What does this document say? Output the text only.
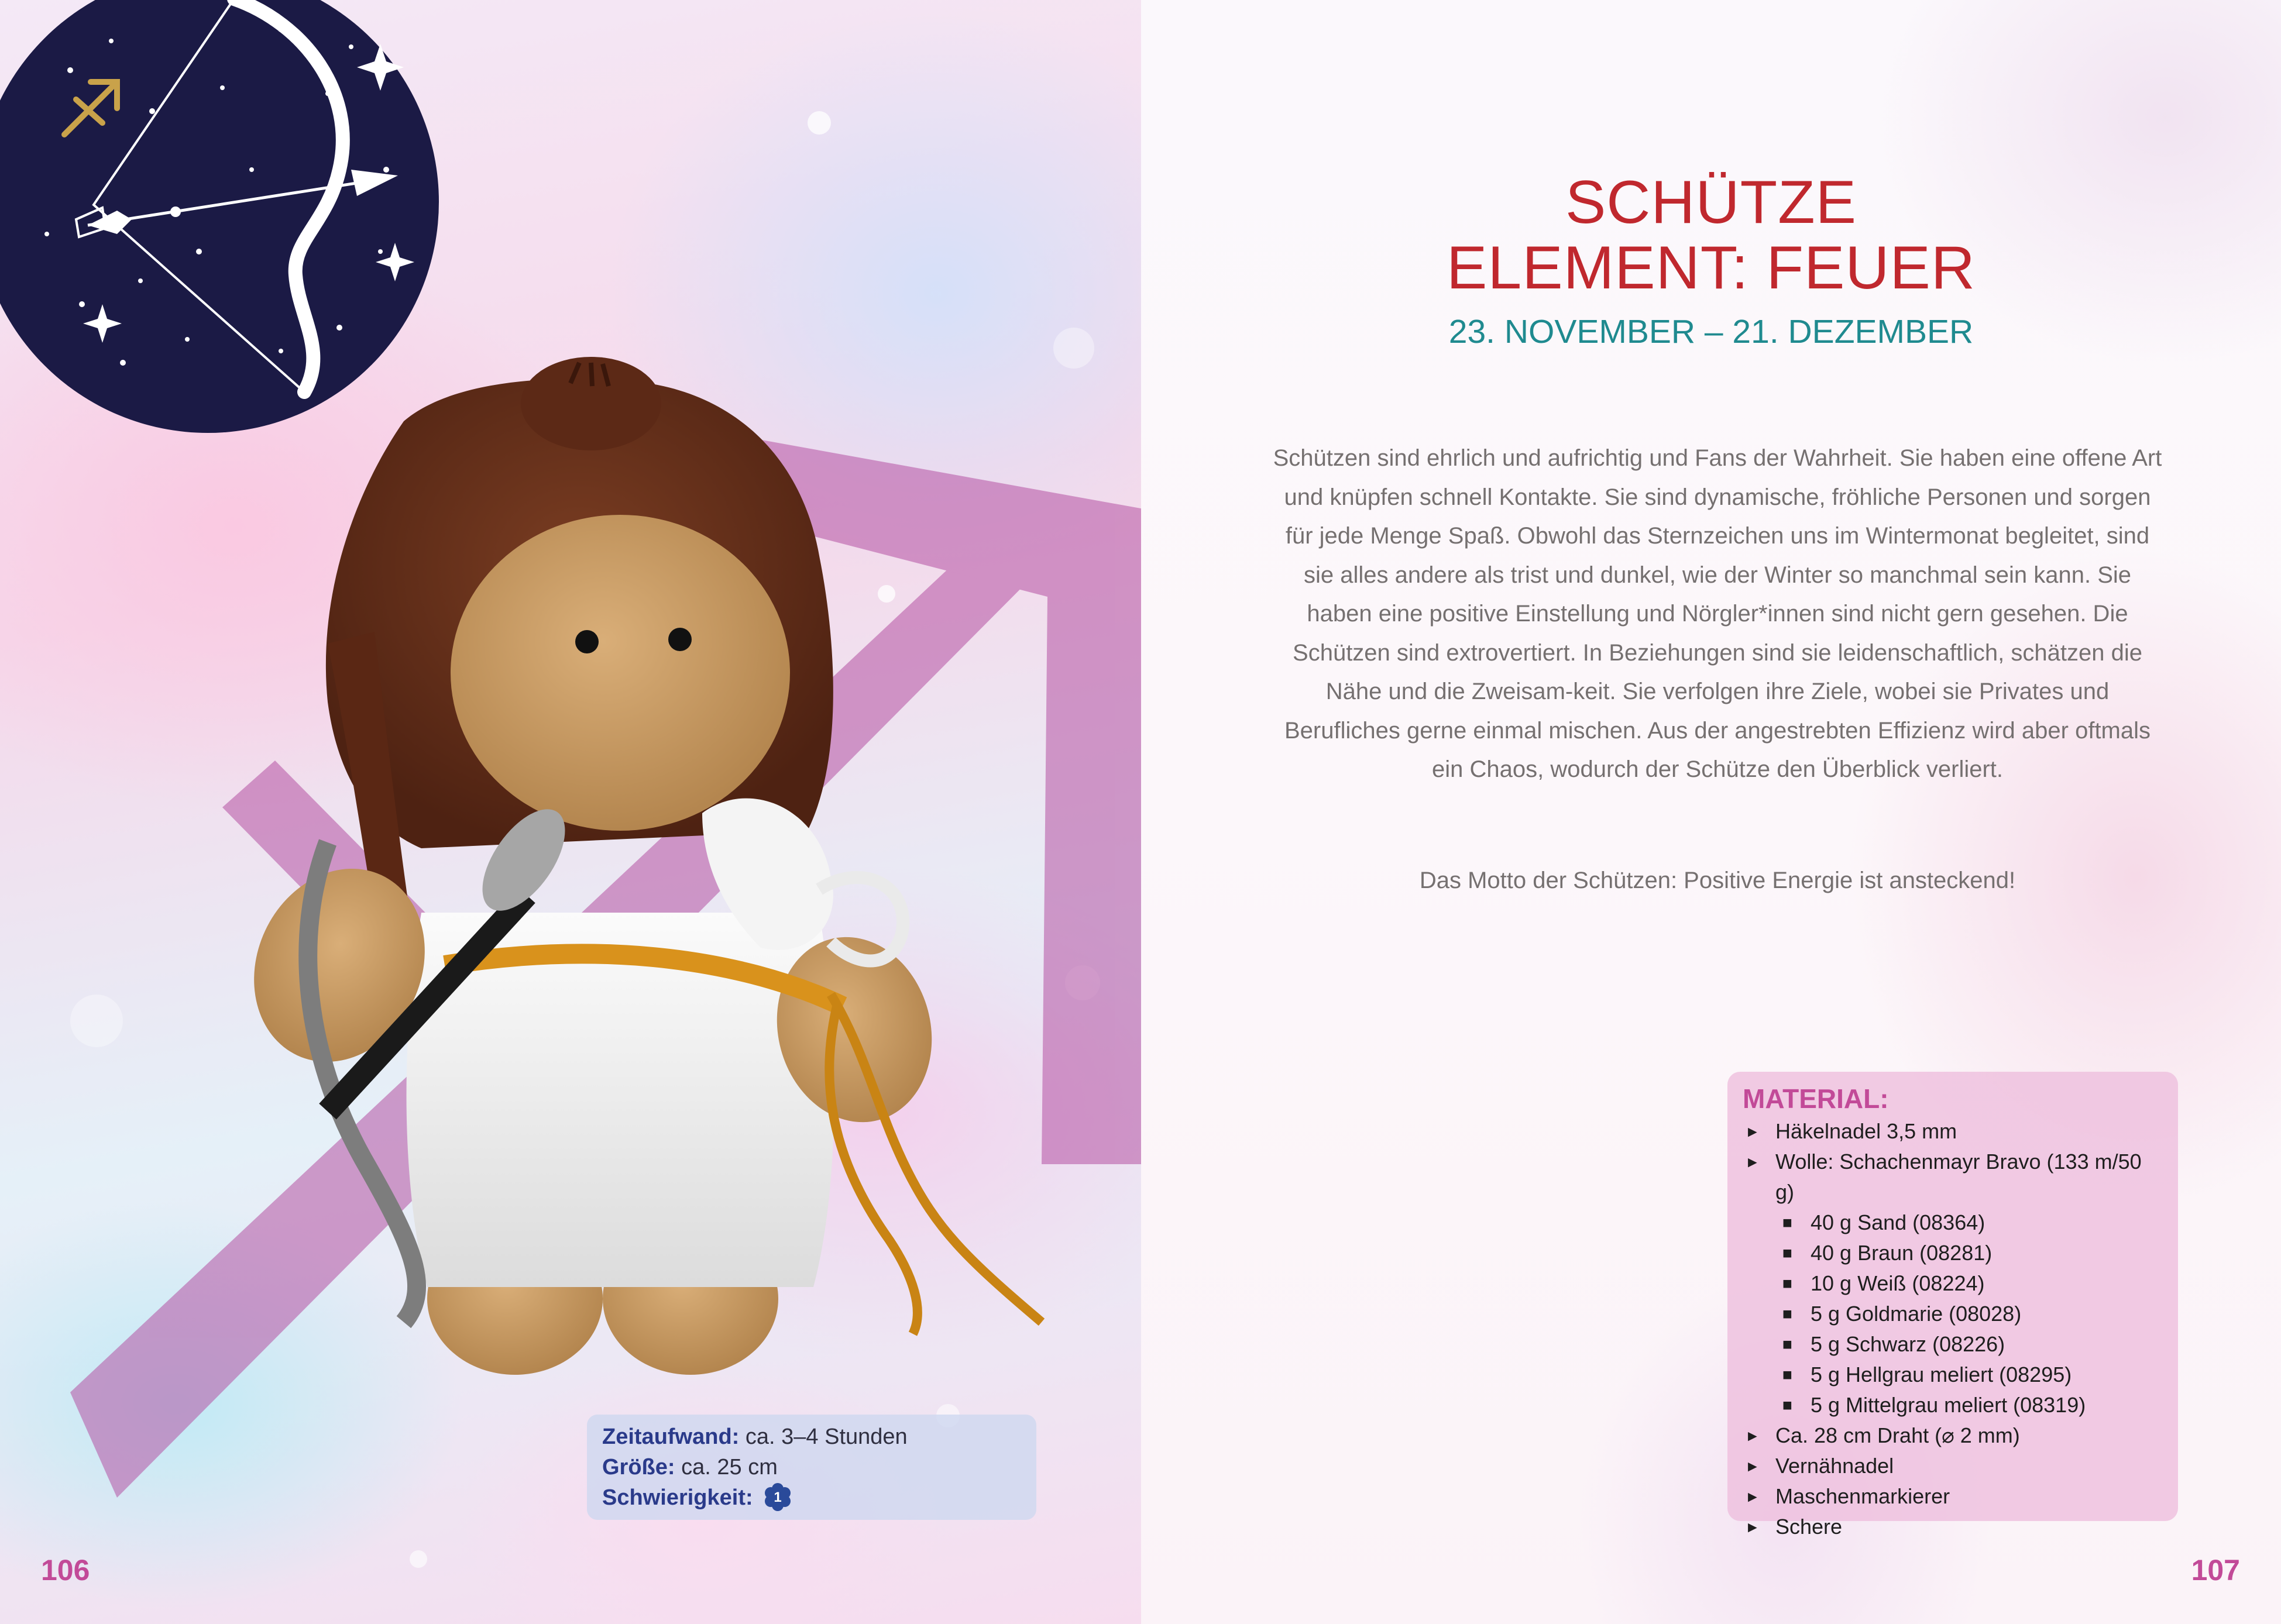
Zeitaufwand: ca. 3–4 Stunden
Größe: ca. 25 cm
Schwierigkeit: 1
106
SCHÜTZE
ELEMENT: FEUER
23. NOVEMBER – 21. DEZEMBER
Schützen sind ehrlich und aufrichtig und Fans der Wahrheit. Sie haben eine offene Art und knüpfen schnell Kontakte. Sie sind dynamische, fröhliche Personen und sorgen für jede Menge Spaß. Obwohl das Sternzeichen uns im Wintermonat begleitet, sind sie alles andere als trist und dunkel, wie der Winter so manchmal sein kann. Sie haben eine positive Einstellung und Nörgler*innen sind nicht gern gesehen. Die Schützen sind extrovertiert. In Beziehungen sind sie leidenschaftlich, schätzen die Nähe und die Zweisam-keit. Sie verfolgen ihre Ziele, wobei sie Privates und Berufliches gerne einmal mischen. Aus der angestrebten Effizienz wird aber oftmals ein Chaos, wodurch der Schütze den Überblick verliert.
Das Motto der Schützen: Positive Energie ist ansteckend!
MATERIAL:
► Häkelnadel 3,5 mm
► Wolle: Schachenmayr Bravo (133 m/50 g)
■ 40 g Sand (08364)
■ 40 g Braun (08281)
■ 10 g Weiß (08224)
■ 5 g Goldmarie (08028)
■ 5 g Schwarz (08226)
■ 5 g Hellgrau meliert (08295)
■ 5 g Mittelgrau meliert (08319)
► Ca. 28 cm Draht (⌀ 2 mm)
► Vernähnadel
► Maschenmarkierer
► Schere
107
